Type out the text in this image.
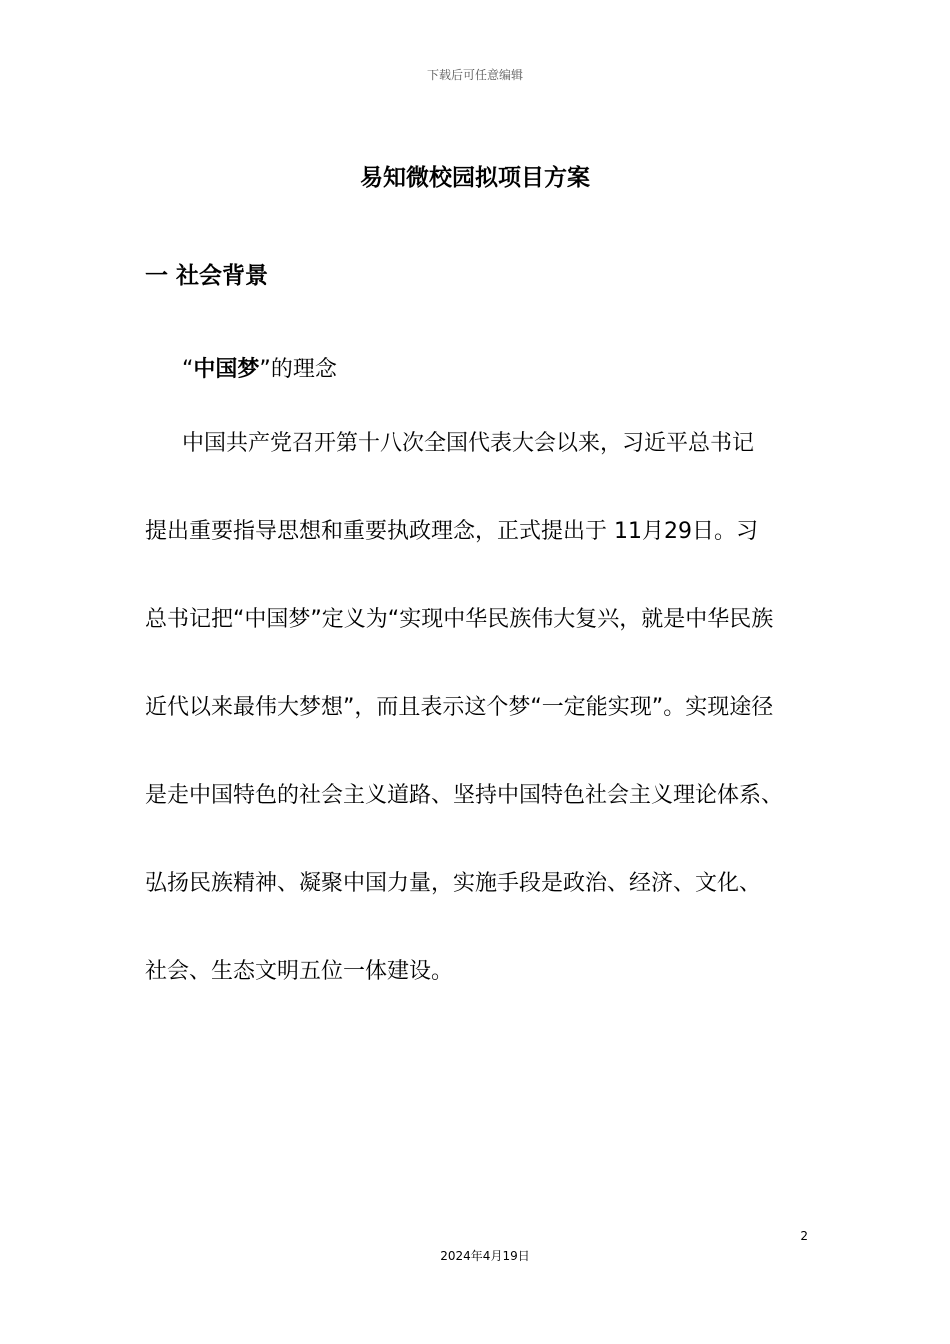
下载后可任意编辑
易知微校园拟项目方案
一 社会背景
“中国梦”的理念
中国共产党召开第十八次全国代表大会以来，习近平总书记
提出重要指导思想和重要执政理念，正式提出于 11月29日。习
总书记把“中国梦”定义为“实现中华民族伟大复兴，就是中华民族
近代以来最伟大梦想”，而且表示这个梦“一定能实现”。实现途径
是走中国特色的社会主义道路、坚持中国特色社会主义理论体系、
弘扬民族精神、凝聚中国力量，实施手段是政治、经济、文化、
社会、生态文明五位一体建设。
2
2024年4月19日
